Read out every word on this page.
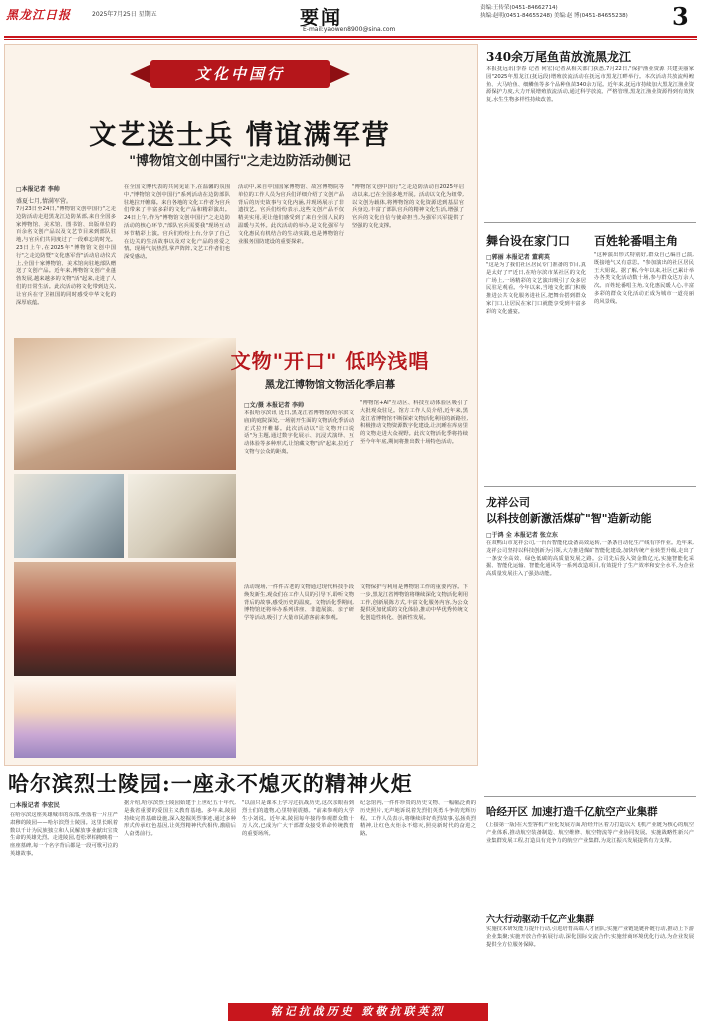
黑龙江日报	2025年7月25日 星期五	要闻
E-mail:yaowen8900@sina.com
责编:王传荣(0451-84662714)
执编:赵明(0451-84655248) 美编:赵 博(0451-84655238)	3
文化中国行
文艺送士兵 情谊满军营
"博物馆文创中国行"之走边防活动侧记
□本报记者 李帅
盛夏七月,情满军营。
7月23日至24日,"博物馆文创中国行"之走边防活动走进黑龙江边防某部,来自全国多家博物馆、美术馆、图书馆、出版单位的百余名文创产品以及文艺节目来到部队驻地,与官兵们共同度过了一段难忘的时光。23日上午,在2025年"博物馆文创中国行"之走边防暨"文化惠军营"活动启动仪式上,全国十家博物馆、美术馆向驻地部队赠送了文创产品。近年来,博物馆文创产业蓬勃发展,越来越多的文物"活"起来,走进了人们的日常生活。此次活动将文化带到边关,让官兵在守卫祖国的同时感受中华文化的深厚底蕴。
在全国文博代表的共同见证下,在温馨的氛围中,"博物馆文创中国行"系列活动在边防部队驻地拉开帷幕。来自各地的文化工作者为官兵们带来了丰富多彩的文化产品和精彩演出。24日上午,作为"博物馆文创中国行"之走边防活动的核心环节,"部队官兵需要我"现场互动环节精彩上演。官兵们纷纷上台,分享了自己在边关的生活故事以及对文化产品的喜爱之情。现场气氛热烈,掌声阵阵,文艺工作者们也深受感动。
活动中,来自中国国家博物馆、故宫博物院等单位的工作人员为官兵们详细介绍了文创产品背后的历史故事与文化内涵,并现场展示了非遗技艺。官兵们纷纷表示,这些文创产品不仅精美实用,更让他们感受到了来自全国人民的温暖与关怀。此次活动的举办,是文化强军与文化惠民有机结合的生动实践,也是博物馆行业服务国防建设的重要探索。
"博物馆文创中国行"之走边防活动自2025年启动以来,已在全国多地开展。活动以文化为纽带,以文创为载体,将博物馆的文化资源送到基层官兵身边,丰富了部队官兵的精神文化生活,增强了官兵的文化自信与使命担当,为强军兴军提供了坚强的文化支撑。
文物"开口" 低吟浅唱
黑龙江博物馆文物活化季启幕
□文/摄 本报记者 李帅
本报哈尔滨讯 近日,黑龙江省博物馆(哈尔滨文庙)的庭院深处,一场别开生面的文物活化季活动正式拉开帷幕。此次活动以"让文物开口说话"为主题,通过数字化展示、沉浸式演绎、互动体验等多种形式,让馆藏文物"活"起来,拉近了文物与公众的距离。
活动现场,一件件古老的文物通过现代科技手段焕发新生,观众们在工作人员的引导下,聆听文物背后的故事,感受历史的温度。文物活化季期间,博物馆还将举办系列讲座、非遗展演、亲子研学等活动,吸引了大量市民游客前来参观。
"博物馆+AI"互动区、科技互动体验区吸引了大批观众驻足。馆方工作人员介绍,近年来,黑龙江省博物馆不断探索文物活化利用的新路径,积极推动文物资源数字化建设,让沉睡在库房里的文物走进大众视野。此次文物活化季将持续至今年年底,期间将推出数十场特色活动。
文物保护与利用是博物馆工作的重要内容。下一步,黑龙江省博物馆将继续深化文物活化利用工作,创新展陈方式,丰富文化服务内容,为公众提供更加优质的文化体验,推动中华优秀传统文化创造性转化、创新性发展。
340余万尾鱼苗放流黑龙江
本报抚远讯(李春 记者 何宏)记者从相关部门获悉,7月22日,"保护渔业资源 共建美丽家园"2025年黑龙江(抚远段)增殖放流活动在抚远市黑龙江畔举行。本次活动共放流鲟鳇鱼、大马哈鱼、细鳞鱼等多个品种鱼苗340余万尾。近年来,抚远市持续加大黑龙江渔业资源保护力度,大力开展增殖放流活动,通过科学放流、严格管理,黑龙江渔业资源得到有效恢复,水生生物多样性持续改善。
舞台设在家门口
□郭丽 本报记者 董莉英
"这是为了我们社区居民专门准备的节目,真是太好了!"近日,在哈尔滨市某社区的文化广场上,一场精彩的文艺演出吸引了众多居民驻足观看。今年以来,当地文化部门积极推进公共文化服务进社区,把舞台搭到群众家门口,让居民在家门口就能享受到丰富多彩的文化盛宴。
百姓轮番唱主角
"这种演出形式特别好,群众自己编自己演,既接地气又有意思。"参加演出的社区居民王大姐说。据了解,今年以来,社区已累计举办各类文化活动数十场,参与群众达万余人次。百姓轮番唱主角,文化惠民暖人心,丰富多彩的群众文化活动正成为城市一道亮丽的风景线。
龙祥公司
以科技创新激活煤矿"智"造新动能
□于鸿 全 本报记者 张立东
在双鸭山市龙祥公司,一台台智能化设备高效运转,一条条自动化生产线有序作业。近年来,龙祥公司坚持以科技创新为引领,大力推进煤矿智能化建设,加快传统产业转型升级,走出了一条安全高效、绿色低碳的高质量发展之路。公司先后投入资金数亿元,实施智能化采掘、智能化运输、智能化通风等一系列改造项目,有效提升了生产效率和安全水平,为企业高质量发展注入了强劲动能。
哈尔滨烈士陵园:一座永不熄灭的精神火炬
□本报记者 李宏民
在哈尔滨这座英雄城市的东部,坐落着一片庄严肃穆的陵园——哈尔滨烈士陵园。这里长眠着数以千计为民族独立和人民解放事业献出宝贵生命的英雄先烈。走进陵园,苍松翠柏掩映着一座座墓碑,每一个名字背后都是一段可歌可泣的英雄故事。
据介绍,哈尔滨烈士陵园始建于上世纪五十年代,是我省重要的爱国主义教育基地。多年来,陵园持续完善基础设施,深入挖掘英烈事迹,通过多种形式传承红色基因,让英烈精神代代相传,激励后人奋勇前行。
"以前只是课本上学习过抗战历史,这次亲眼看到烈士们的遗物,心里特别震撼。"前来参观的大学生小刘说。近年来,陵园每年接待参观群众数十万人次,已成为广大干部群众接受革命传统教育的重要场所。
纪念馆内,一件件珍贵的历史文物、一幅幅泛黄的历史照片,无声地诉说着先烈们英勇斗争的光辉历程。工作人员表示,将继续讲好英烈故事,弘扬英烈精神,让红色火炬永不熄灭,照亮新时代的奋进之路。
哈经开区 加速打造千亿航空产业集群
(上接第一版)在大型客机产业化发展方面,哈经开区着力打造以大飞机产业链为核心的航空产业体系,推动航空装备制造、航空维修、航空物流等产业协同发展。实施战略性新兴产业集群发展工程,打造具有竞争力的航空产业集群,为龙江振兴发展提供有力支撑。
六大行动驱动千亿产业集群
实施技术研发能力提升行动,引进培育高端人才团队;实施产业链延链补链行动,推动上下游企业集聚;实施开放合作拓展行动,深化国际交流合作;实施营商环境优化行动,为企业发展提供全方位服务保障。
铭记抗战历史 致敬抗联英烈
